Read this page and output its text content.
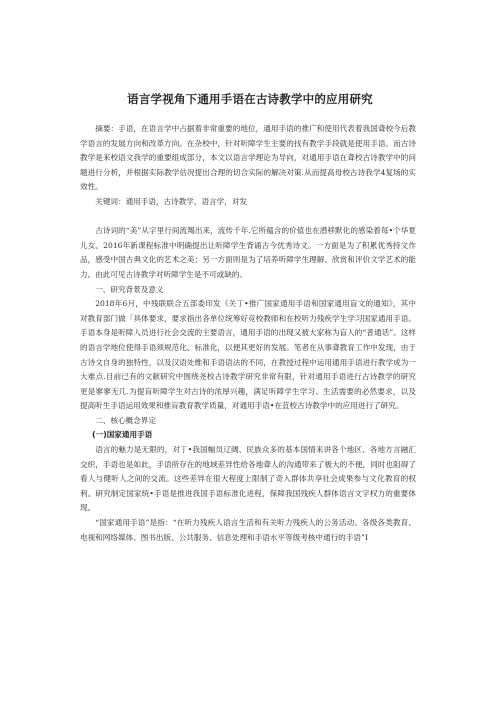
语言学视角下通用手语在古诗教学中的应用研究

摘要：手语，在语言学中占据着非常重要的地位，通用手语的推广和使用代表着我国聋校今后教学语言的发展方向和改革方向。在杂校中，针对听障学生主要的找有教学手段就是使用手语。而古诗教学是来校语文我学的重要组成部分，本文以语言学理论为导向，对通用手语在聋校古诗教学中的问题进行分析，并根据实际教学估况提出合理的切合实际的解决对策.从而提高母校古诗我学4复场的实效性。

关键词：通用手语，古诗教学，语言学，对发

古诗词的“美”从字里行间流羯出来，流传千年.它所蕴含的价值也在潜移默化的感染着每•个华夏儿女。2016年新课程标准中明确提出让听障学生背诵古今优秀诗文。一方面是为了积累优秀持文作品，感受中国古典文化的艺术之美；另一方面则是为了培养听障学生理解、欣赏和评价文学艺术的能力。由此可见古诗教学对听障学生是不可或缺的。

一、研究背景及意义

2018年6月，中残联联合五部委印发《关丁•推广国家通用手语和国家通用盲文的通知》，其中对教育部门做「具体要求，要求指出各单位统筹好竞校教师和在校听力残疾学生学习国家通用手语。手语本身是听障人员进行社会交流的主要语言，通用手语的出现又被大家称为盲人的“普通话”。这样的语言学地位使得手语须规范化、标准化，以便其更好的发展。笔者在从事聋教育工作中发现，由于古诗文自身的独特性，以及汉语处维和手语语法的不同，在教授过程中运用通用手语进行教学成为一大难点.目前已有的文献研究中围绕尧校古诗教学研究非常有限，针对通用手语进行古诗教学的研究更是寥寥无几.为提肓听障学生对古诗的浓厚兴趣，满足听障学生学习、生活需要的必然要求，以及提高听生手语运用效果和推肓教育教学质量，对通用手语•在苴校古诗教学中的应用进行了研究。

二、核心概念界定

(一)国家通用手语

语言的魅力是无限的，对丁•我国幅员辽阔、民族众多的基本国情来讲各个地区、各地方言融汇交织，手语也是如此，手语所存在的地域差异性给各地聋人的沟通带来了极大的不便，同时也阻碍了看人与健听人之间的交流。这些差异在很大程度上限制了奇入群体共享社会成果参与文化教育的权利。研究制定国家统•手语是推进我国手语标准化进程，保障我国残疾人群体语言文字权力的重要体现。

“国家通用手语”是指：“在听力残疾人语言生活和有关听力残疾人的公务活动、各级各类教育、电视和网络媒体、图书出版、公共服务、信息处理和手语水平等级考核中通行的手语”I
